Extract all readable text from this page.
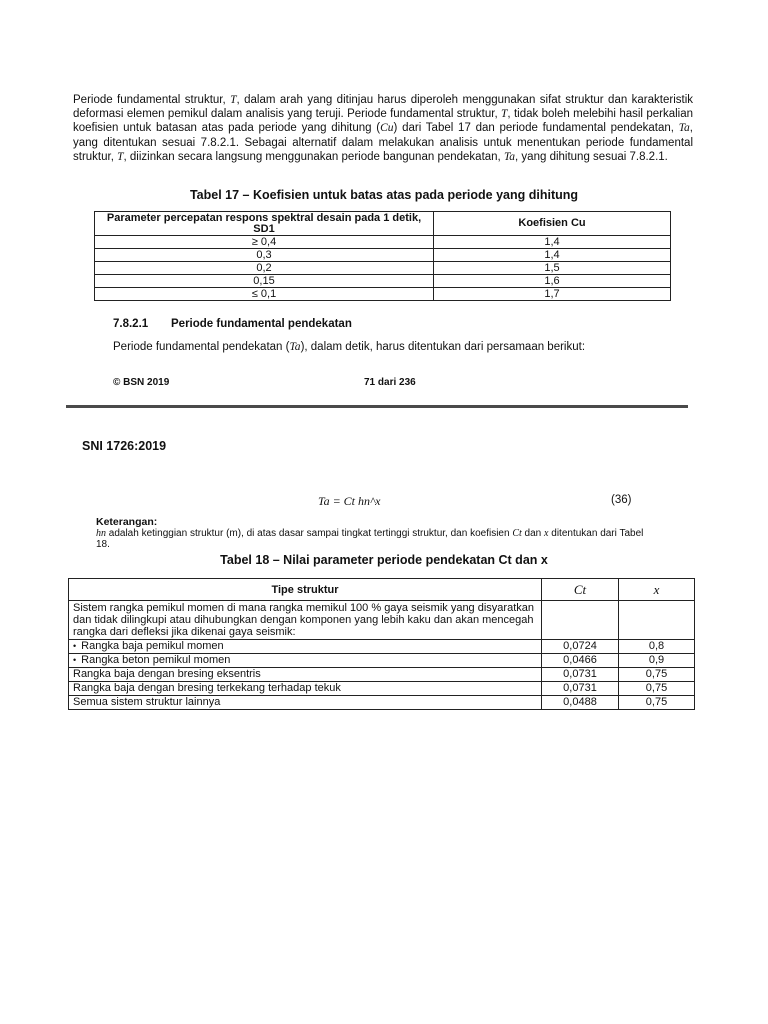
Periode fundamental struktur, T, dalam arah yang ditinjau harus diperoleh menggunakan sifat struktur dan karakteristik deformasi elemen pemikul dalam analisis yang teruji. Periode fundamental struktur, T, tidak boleh melebihi hasil perkalian koefisien untuk batasan atas pada periode yang dihitung (Cu) dari Tabel 17 dan periode fundamental pendekatan, Ta, yang ditentukan sesuai 7.8.2.1. Sebagai alternatif dalam melakukan analisis untuk menentukan periode fundamental struktur, T, diizinkan secara langsung menggunakan periode bangunan pendekatan, Ta, yang dihitung sesuai 7.8.2.1.

Tabel 17 – Koefisien untuk batas atas pada periode yang dihitung

Parameter percepatan respons spektral desain pada 1 detik, SD1	Koefisien Cu
≥ 0,4	1,4
0,3	1,4
0,2	1,5
0,15	1,6
≤ 0,1	1,7

7.8.2.1 Periode fundamental pendekatan

Periode fundamental pendekatan (Ta), dalam detik, harus ditentukan dari persamaan berikut:

© BSN 2019	71 dari 236

SNI 1726:2019

Ta = Ct hn^x	(36)

Keterangan:

hn adalah ketinggian struktur (m), di atas dasar sampai tingkat tertinggi struktur, dan koefisien Ct dan x ditentukan dari Tabel 18.

Tabel 18 – Nilai parameter periode pendekatan Ct dan x

Tipe struktur	Ct	x
Sistem rangka pemikul momen di mana rangka memikul 100 % gaya seismik yang disyaratkan dan tidak dilingkupi atau dihubungkan dengan komponen yang lebih kaku dan akan mencegah rangka dari defleksi jika dikenai gaya seismik:		
• Rangka baja pemikul momen	0,0724	0,8
• Rangka beton pemikul momen	0,0466	0,9
Rangka baja dengan bresing eksentris	0,0731	0,75
Rangka baja dengan bresing terkekang terhadap tekuk	0,0731	0,75
Semua sistem struktur lainnya	0,0488	0,75
